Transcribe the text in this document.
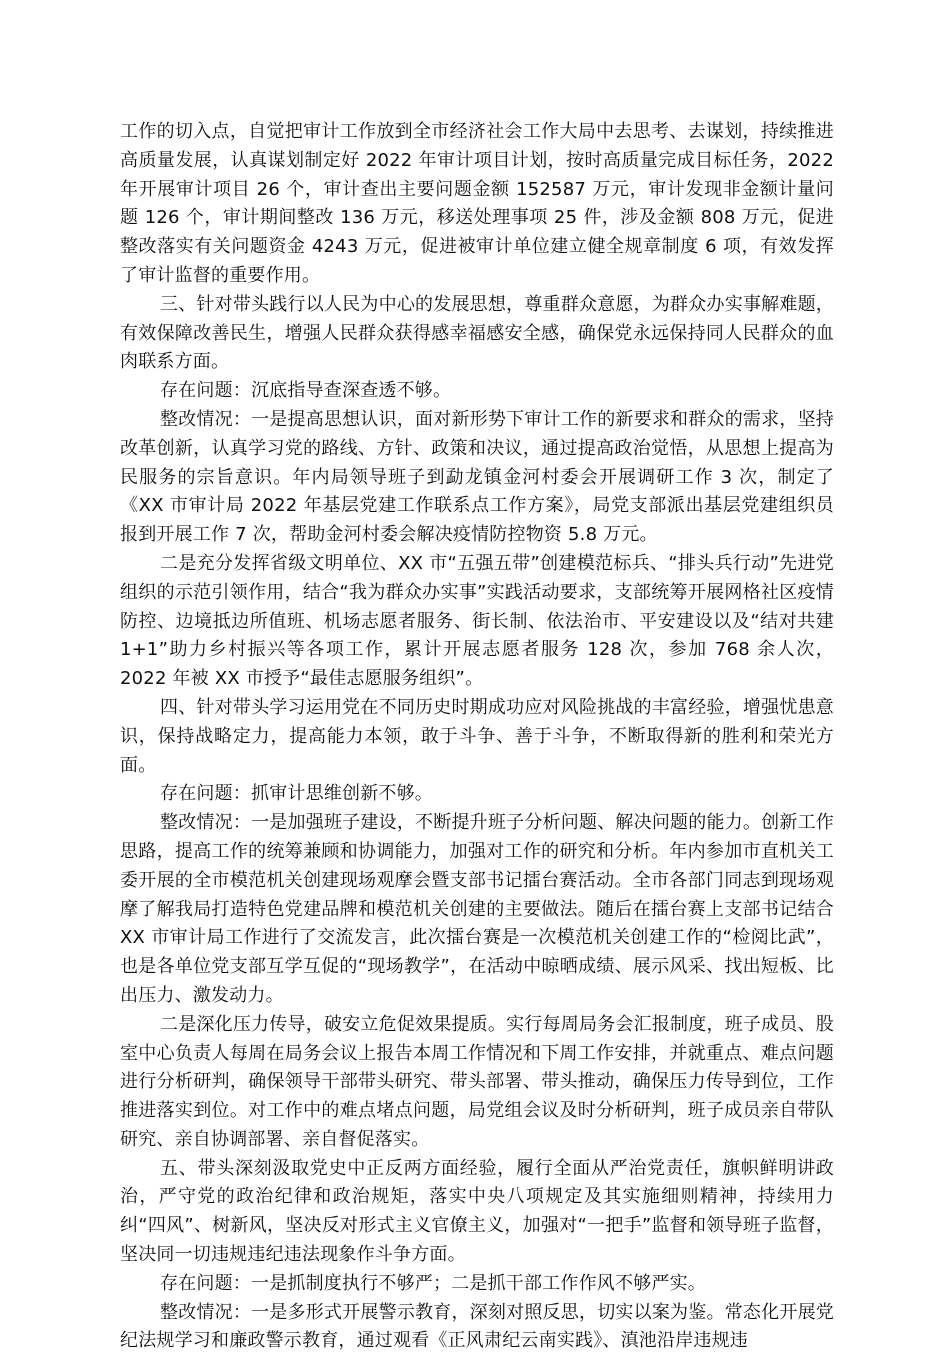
工作的切入点，自觉把审计工作放到全市经济社会工作大局中去思考、去谋划，持续推进高质量发展，认真谋划制定好 2022 年审计项目计划，按时高质量完成目标任务，2022 年开展审计项目 26 个，审计查出主要问题金额 152587 万元，审计发现非金额计量问题 126 个，审计期间整改 136 万元，移送处理事项 25 件，涉及金额 808 万元，促进整改落实有关问题资金 4243 万元，促进被审计单位建立健全规章制度 6 项，有效发挥了审计监督的重要作用。

三、针对带头践行以人民为中心的发展思想，尊重群众意愿，为群众办实事解难题，有效保障改善民生，增强人民群众获得感幸福感安全感，确保党永远保持同人民群众的血肉联系方面。

存在问题：沉底指导查深查透不够。

整改情况：一是提高思想认识，面对新形势下审计工作的新要求和群众的需求，坚持改革创新，认真学习党的路线、方针、政策和决议，通过提高政治觉悟，从思想上提高为民服务的宗旨意识。年内局领导班子到勐龙镇金河村委会开展调研工作 3 次，制定了《XX 市审计局 2022 年基层党建工作联系点工作方案》，局党支部派出基层党建组织员报到开展工作 7 次，帮助金河村委会解决疫情防控物资 5.8 万元。

二是充分发挥省级文明单位、XX 市“五强五带”创建模范标兵、“排头兵行动”先进党组织的示范引领作用，结合“我为群众办实事”实践活动要求，支部统筹开展网格社区疫情防控、边境抵边所值班、机场志愿者服务、街长制、依法治市、平安建设以及“结对共建 1+1”助力乡村振兴等各项工作，累计开展志愿者服务 128 次，参加 768 余人次，2022 年被 XX 市授予“最佳志愿服务组织”。

四、针对带头学习运用党在不同历史时期成功应对风险挑战的丰富经验，增强忧患意识，保持战略定力，提高能力本领，敢于斗争、善于斗争，不断取得新的胜利和荣光方面。

存在问题：抓审计思维创新不够。

整改情况：一是加强班子建设，不断提升班子分析问题、解决问题的能力。创新工作思路，提高工作的统筹兼顾和协调能力，加强对工作的研究和分析。年内参加市直机关工委开展的全市模范机关创建现场观摩会暨支部书记擂台赛活动。全市各部门同志到现场观摩了解我局打造特色党建品牌和模范机关创建的主要做法。随后在擂台赛上支部书记结合 XX 市审计局工作进行了交流发言，此次擂台赛是一次模范机关创建工作的“检阅比武”，也是各单位党支部互学互促的“现场教学”，在活动中晾晒成绩、展示风采、找出短板、比出压力、激发动力。

二是深化压力传导，破安立危促效果提质。实行每周局务会汇报制度，班子成员、股室中心负责人每周在局务会议上报告本周工作情况和下周工作安排，并就重点、难点问题进行分析研判，确保领导干部带头研究、带头部署、带头推动，确保压力传导到位，工作推进落实到位。对工作中的难点堵点问题，局党组会议及时分析研判，班子成员亲自带队研究、亲自协调部署、亲自督促落实。

五、带头深刻汲取党史中正反两方面经验，履行全面从严治党责任，旗帜鲜明讲政治，严守党的政治纪律和政治规矩，落实中央八项规定及其实施细则精神，持续用力纠“四风”、树新风，坚决反对形式主义官僚主义，加强对“一把手”监督和领导班子监督，坚决同一切违规违纪违法现象作斗争方面。

存在问题：一是抓制度执行不够严；二是抓干部工作作风不够严实。

整改情况：一是多形式开展警示教育，深刻对照反思，切实以案为鉴。常态化开展党纪法规学习和廉政警示教育，通过观看《正风肃纪云南实践》、滇池沿岸违规违
